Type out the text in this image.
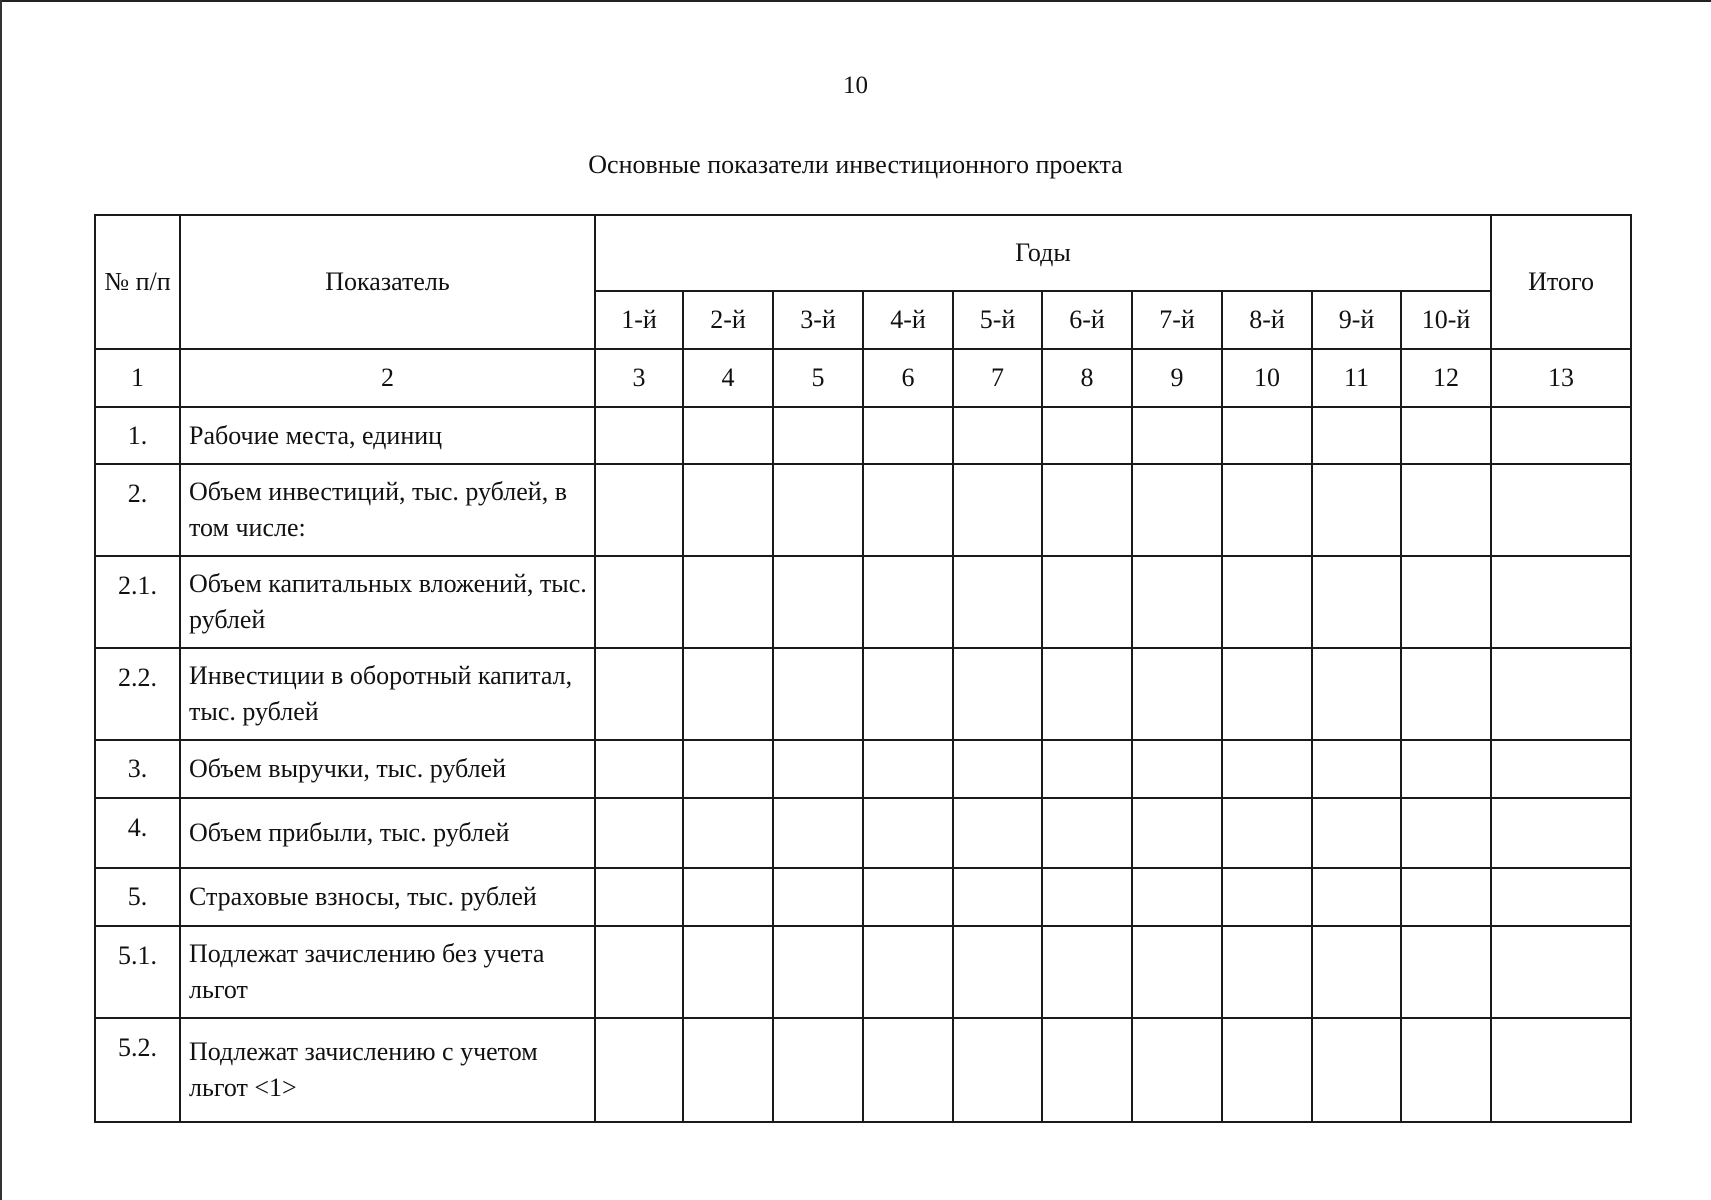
10
Основные показатели инвестиционного проекта
№ п/п	Показатель	Годы										Итого
		1-й	2-й	3-й	4-й	5-й	6-й	7-й	8-й	9-й	10-й	
1	2	3	4	5	6	7	8	9	10	11	12	13
1.	Рабочие места, единиц											
2.	Объем инвестиций, тыс. рублей, в том числе:											
2.1.	Объем капитальных вложений, тыс. рублей											
2.2.	Инвестиции в оборотный капитал, тыс. рублей											
3.	Объем выручки, тыс. рублей											
4.	Объем прибыли, тыс. рублей											
5.	Страховые взносы, тыс. рублей											
5.1.	Подлежат зачислению без учета льгот											
5.2.	Подлежат зачислению с учетом льгот <1>											
